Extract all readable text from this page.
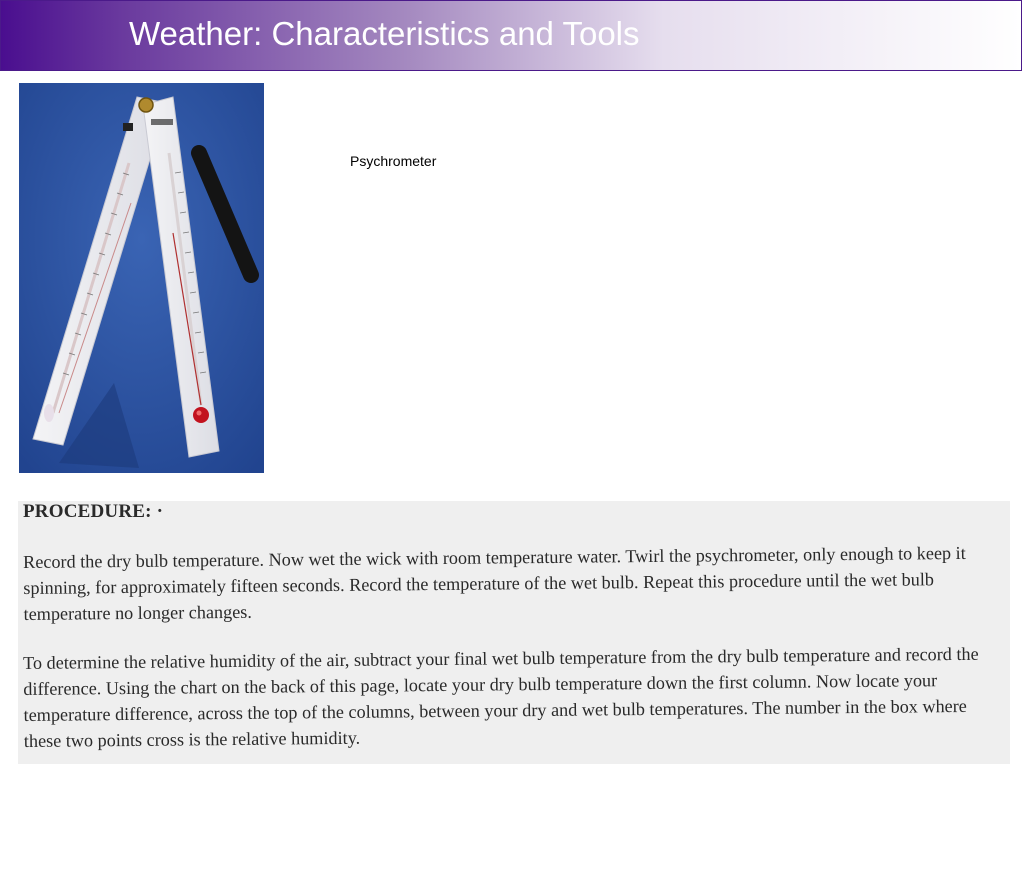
Weather: Characteristics and Tools
Psychrometer
PROCEDURE: ·

Record the dry bulb temperature. Now wet the wick with room temperature water. Twirl the psychrometer, only enough to keep it spinning, for approximately fifteen seconds. Record the temperature of the wet bulb. Repeat this procedure until the wet bulb temperature no longer changes.

To determine the relative humidity of the air, subtract your final wet bulb temperature from the dry bulb temperature and record the difference. Using the chart on the back of this page, locate your dry bulb temperature down the first column. Now locate your temperature difference, across the top of the columns, between your dry and wet bulb temperatures. The number in the box where these two points cross is the relative humidity.
